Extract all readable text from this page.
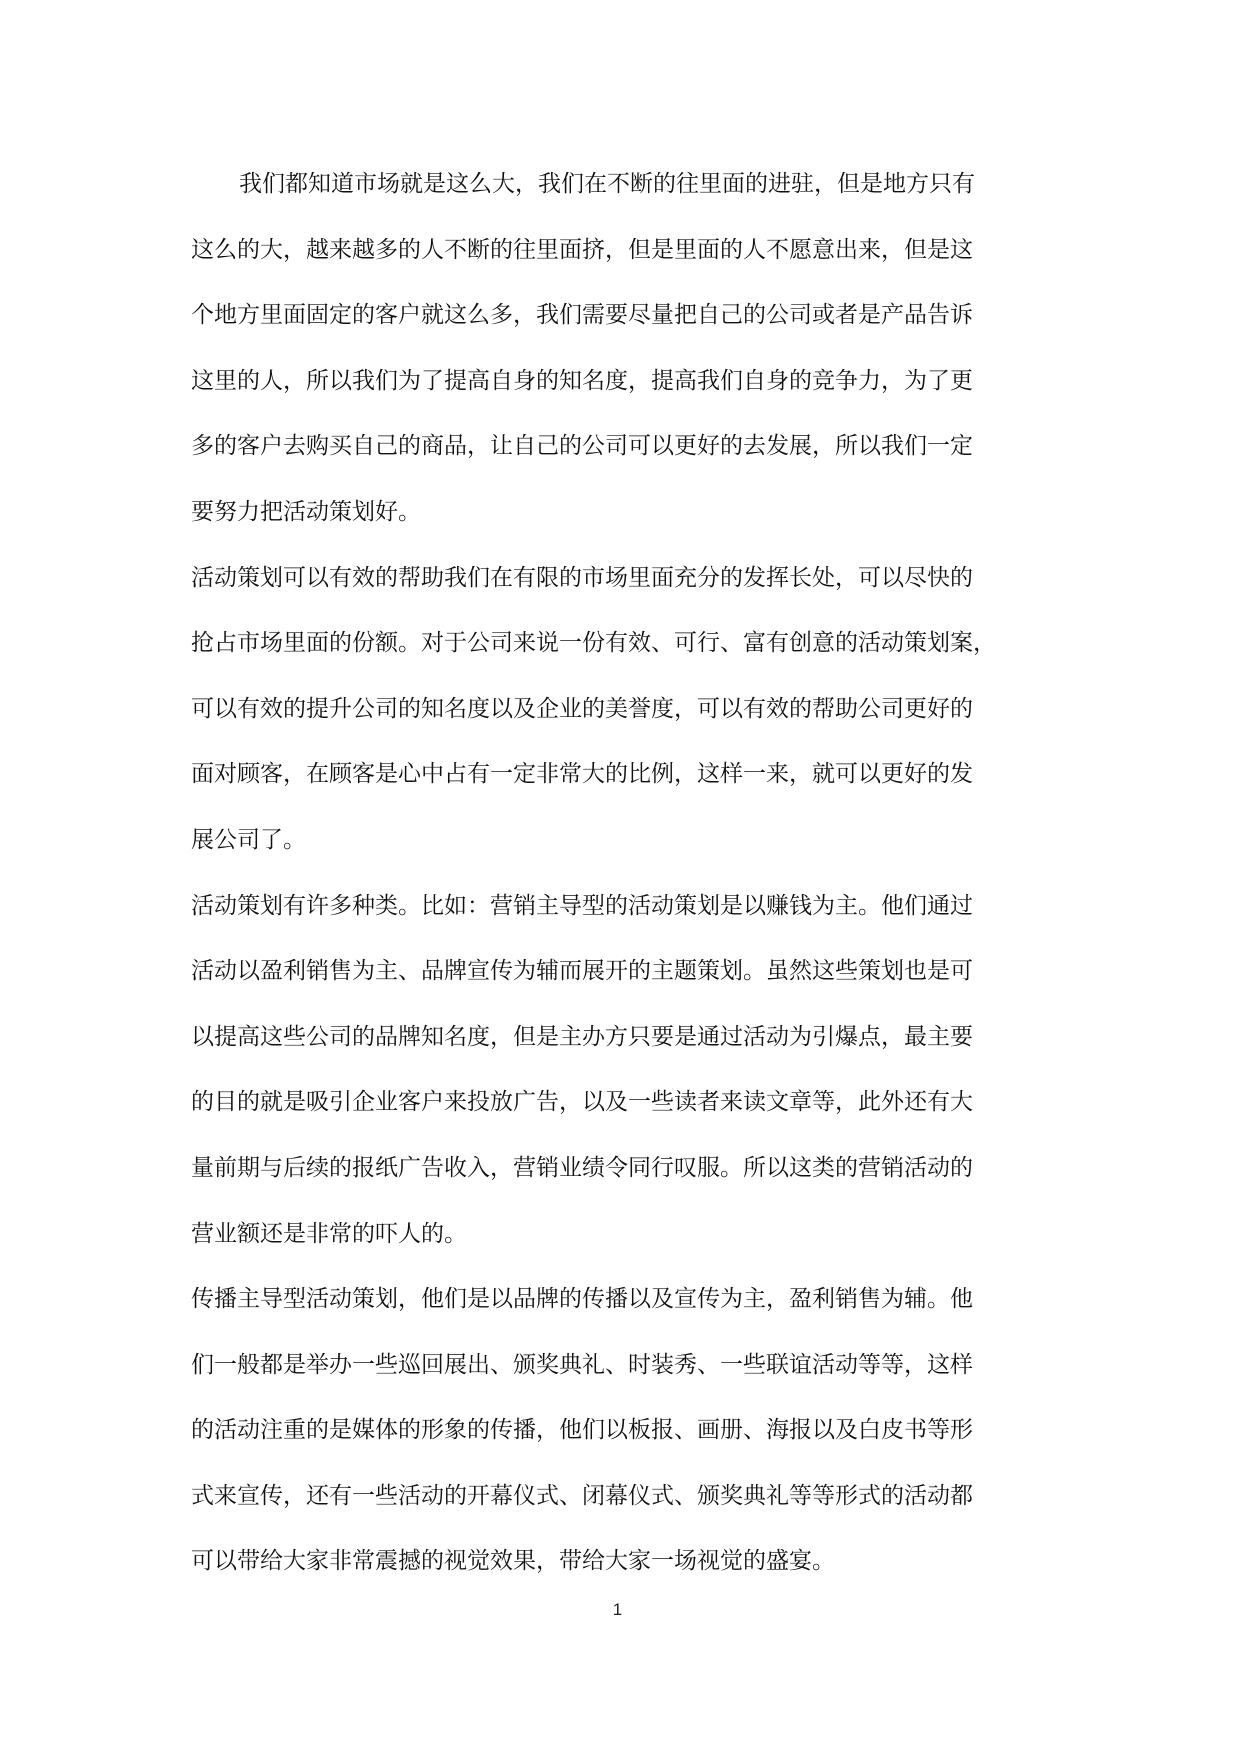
我们都知道市场就是这么大，我们在不断的往里面的进驻，但是地方只有
这么的大，越来越多的人不断的往里面挤，但是里面的人不愿意出来，但是这
个地方里面固定的客户就这么多，我们需要尽量把自己的公司或者是产品告诉
这里的人，所以我们为了提高自身的知名度，提高我们自身的竞争力，为了更
多的客户去购买自己的商品，让自己的公司可以更好的去发展，所以我们一定
要努力把活动策划好。
活动策划可以有效的帮助我们在有限的市场里面充分的发挥长处，可以尽快的
抢占市场里面的份额。对于公司来说一份有效、可行、富有创意的活动策划案，
可以有效的提升公司的知名度以及企业的美誉度，可以有效的帮助公司更好的
面对顾客，在顾客是心中占有一定非常大的比例，这样一来，就可以更好的发
展公司了。
活动策划有许多种类。比如：营销主导型的活动策划是以赚钱为主。他们通过
活动以盈利销售为主、品牌宣传为辅而展开的主题策划。虽然这些策划也是可
以提高这些公司的品牌知名度，但是主办方只要是通过活动为引爆点，最主要
的目的就是吸引企业客户来投放广告，以及一些读者来读文章等，此外还有大
量前期与后续的报纸广告收入，营销业绩令同行叹服。所以这类的营销活动的
营业额还是非常的吓人的。
传播主导型活动策划，他们是以品牌的传播以及宣传为主，盈利销售为辅。他
们一般都是举办一些巡回展出、颁奖典礼、时装秀、一些联谊活动等等，这样
的活动注重的是媒体的形象的传播，他们以板报、画册、海报以及白皮书等形
式来宣传，还有一些活动的开幕仪式、闭幕仪式、颁奖典礼等等形式的活动都
可以带给大家非常震撼的视觉效果，带给大家一场视觉的盛宴。
1
